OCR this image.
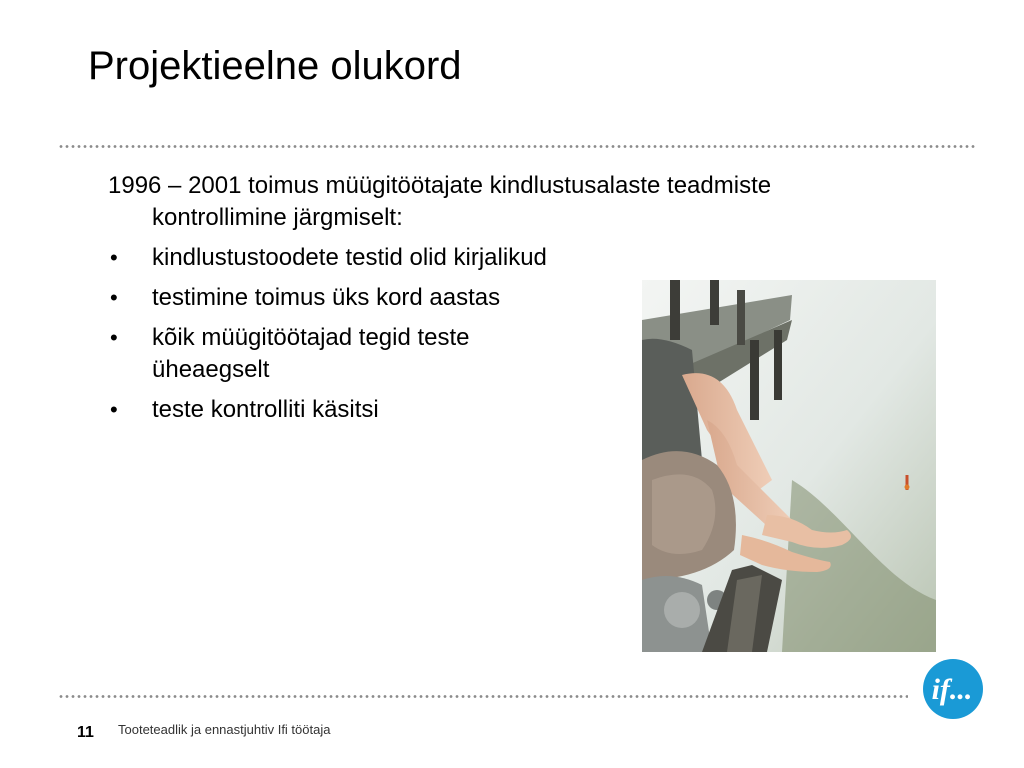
Projektieelne olukord

1996 – 2001 toimus müügitöötajate kindlustusalaste teadmiste kontrollimine järgmiselt:

• kindlustustoodete testid olid kirjalikud
• testimine toimus üks kord aastas
• kõik müügitöötajad tegid teste üheaegselt
• teste kontrolliti käsitsi
if...
11 Tooteteadlik ja ennastjuhtiv Ifi töötaja
